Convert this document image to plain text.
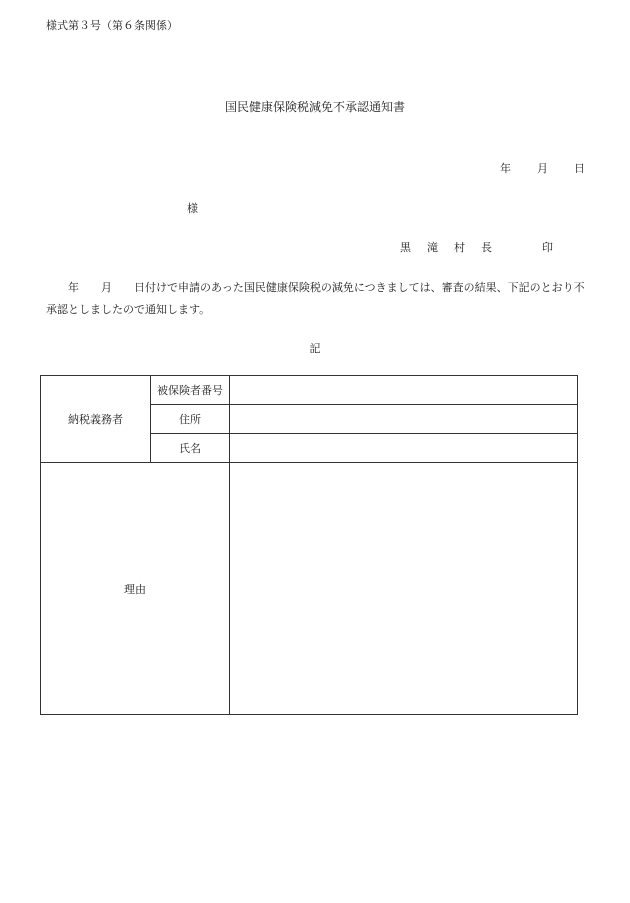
様式第３号（第６条関係）
国民健康保険税減免不承認通知書
年 月 日
様
黒 滝 村 長	印
　　年　　月　　日付けで申請のあった国民健康保険税の減免につきましては、審査の結果、下記のとおり不承認としましたので通知します。
記
納税義務者	被保険者番号	
	住所	
	氏名	
理由		
